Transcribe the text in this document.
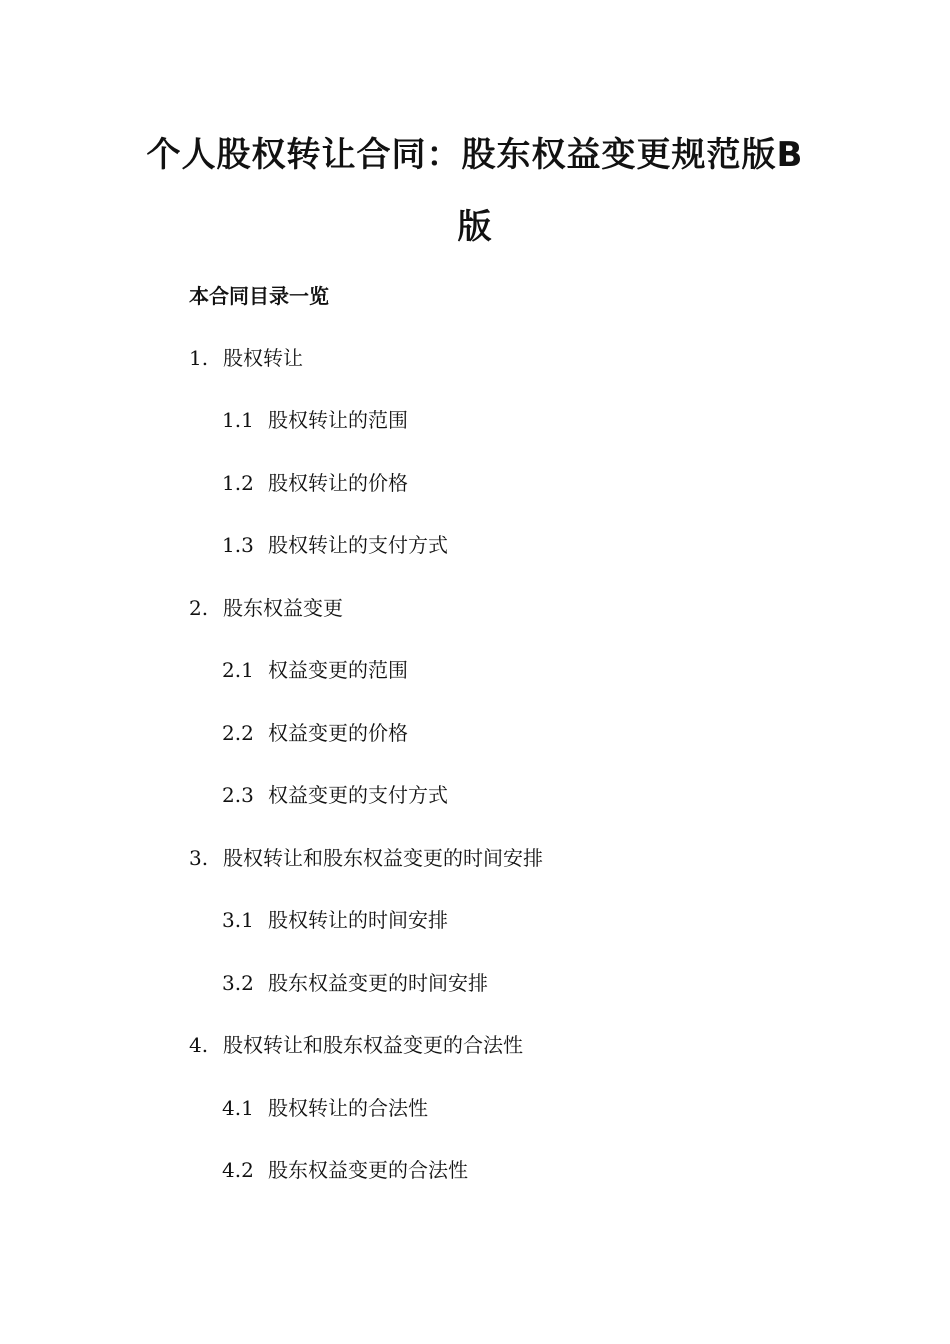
个人股权转让合同：股东权益变更规范版B
版
本合同目录一览
1. 股权转让
1.1 股权转让的范围
1.2 股权转让的价格
1.3 股权转让的支付方式
2. 股东权益变更
2.1 权益变更的范围
2.2 权益变更的价格
2.3 权益变更的支付方式
3. 股权转让和股东权益变更的时间安排
3.1 股权转让的时间安排
3.2 股东权益变更的时间安排
4. 股权转让和股东权益变更的合法性
4.1 股权转让的合法性
4.2 股东权益变更的合法性
